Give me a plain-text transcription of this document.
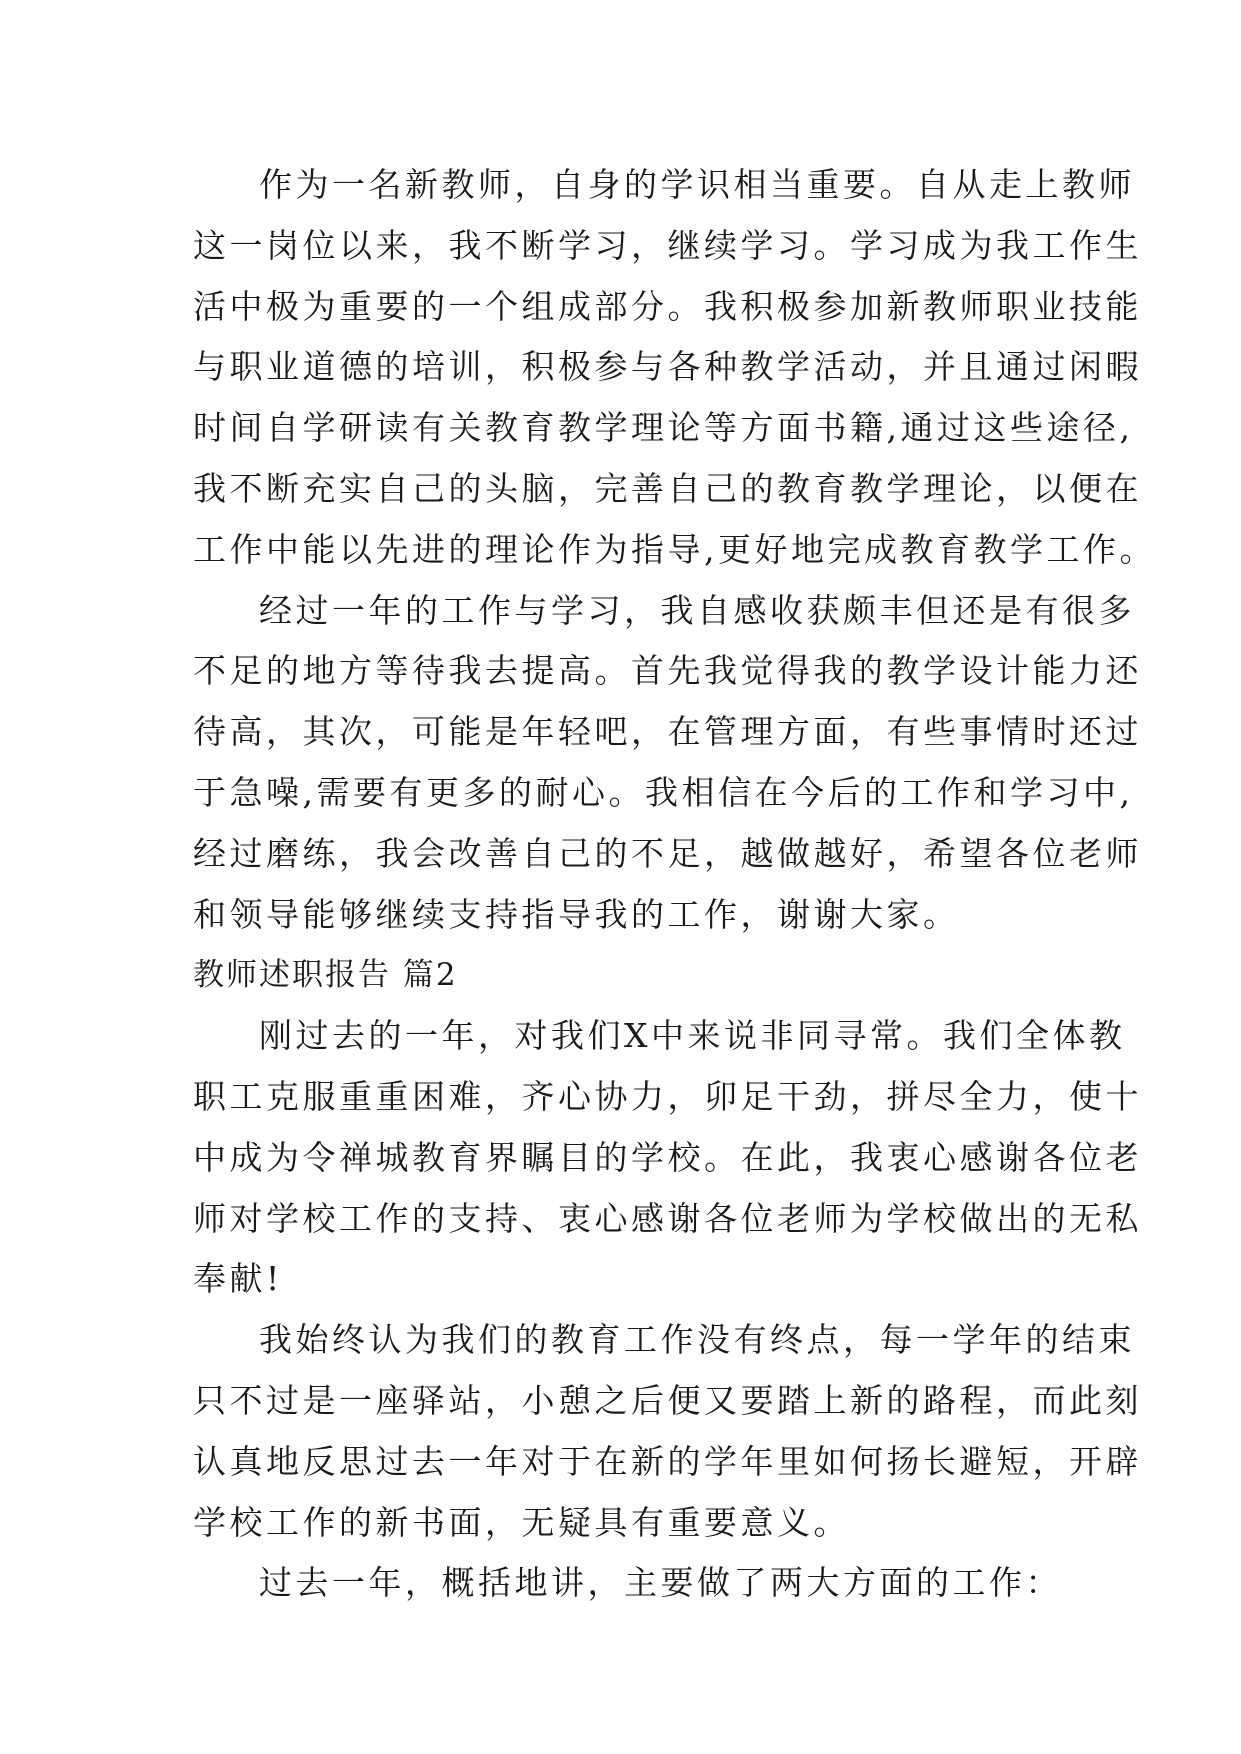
作为一名新教师，自身的学识相当重要。自从走上教师
这一岗位以来，我不断学习，继续学习。学习成为我工作生
活中极为重要的一个组成部分。我积极参加新教师职业技能
与职业道德的培训，积极参与各种教学活动，并且通过闲暇
时间自学研读有关教育教学理论等方面书籍,通过这些途径,
我不断充实自己的头脑，完善自己的教育教学理论，以便在
工作中能以先进的理论作为指导,更好地完成教育教学工作。
经过一年的工作与学习，我自感收获颇丰但还是有很多
不足的地方等待我去提高。首先我觉得我的教学设计能力还
待高，其次，可能是年轻吧，在管理方面，有些事情时还过
于急噪,需要有更多的耐心。我相信在今后的工作和学习中,
经过磨练，我会改善自己的不足，越做越好，希望各位老师
和领导能够继续支持指导我的工作，谢谢大家。
教师述职报告 篇2
刚过去的一年，对我们X中来说非同寻常。我们全体教
职工克服重重困难，齐心协力，卯足干劲，拼尽全力，使十
中成为令禅城教育界瞩目的学校。在此，我衷心感谢各位老
师对学校工作的支持、衷心感谢各位老师为学校做出的无私
奉献!
我始终认为我们的教育工作没有终点，每一学年的结束
只不过是一座驿站，小憩之后便又要踏上新的路程，而此刻
认真地反思过去一年对于在新的学年里如何扬长避短，开辟
学校工作的新书面，无疑具有重要意义。
过去一年，概括地讲，主要做了两大方面的工作：
